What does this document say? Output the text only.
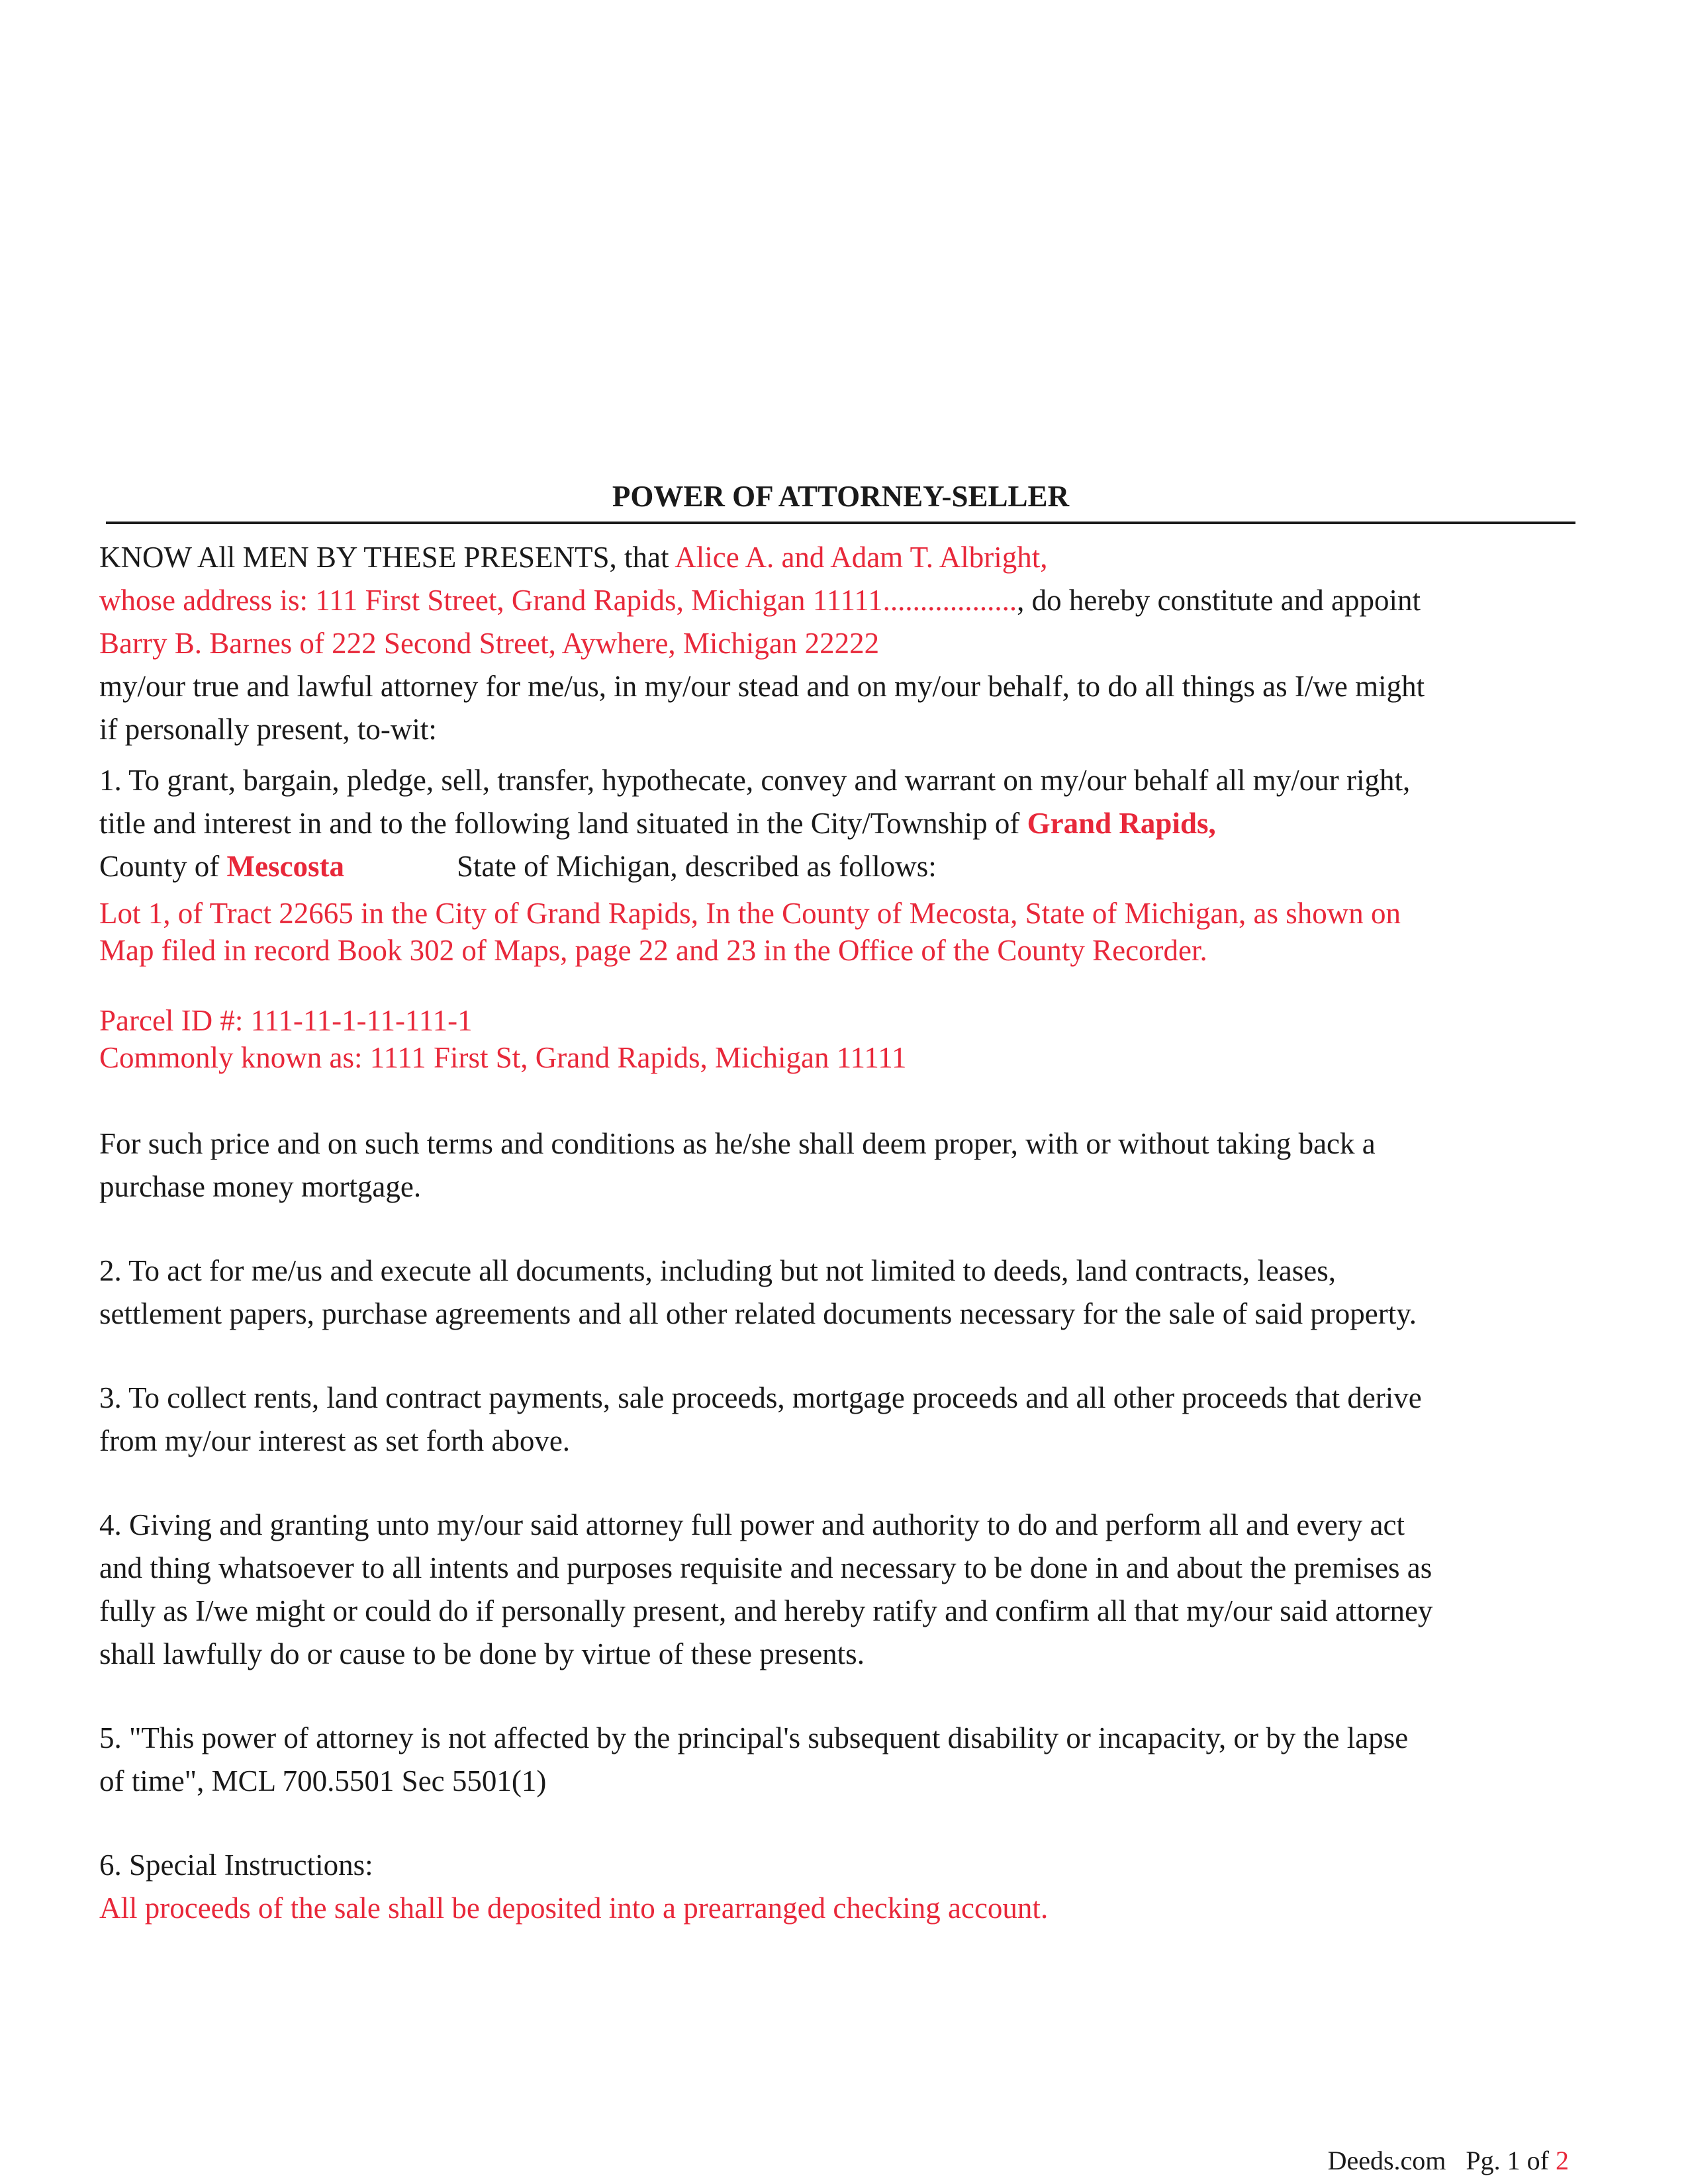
POWER OF ATTORNEY-SELLER
KNOW All MEN BY THESE PRESENTS, that Alice A. and Adam T. Albright,
whose address is: 111 First Street, Grand Rapids, Michigan 11111.................., do hereby constitute and appoint
Barry B. Barnes of 222 Second Street, Aywhere, Michigan 22222
my/our true and lawful attorney for me/us, in my/our stead and on my/our behalf, to do all things as I/we might
if personally present, to-wit:
1. To grant, bargain, pledge, sell, transfer, hypothecate, convey and warrant on my/our behalf all my/our right,
title and interest in and to the following land situated in the City/Township of Grand Rapids,
County of Mescosta	State of Michigan, described as follows:
Lot 1, of Tract 22665 in the City of Grand Rapids, In the County of Mecosta, State of Michigan, as shown on
Map filed in record Book 302 of Maps, page 22 and 23 in the Office of the County Recorder.
Parcel ID #: 111-11-1-11-111-1
Commonly known as: 1111 First St, Grand Rapids, Michigan 11111
For such price and on such terms and conditions as he/she shall deem proper, with or without taking back a
purchase money mortgage.
2. To act for me/us and execute all documents, including but not limited to deeds, land contracts, leases,
settlement papers, purchase agreements and all other related documents necessary for the sale of said property.
3. To collect rents, land contract payments, sale proceeds, mortgage proceeds and all other proceeds that derive
from my/our interest as set forth above.
4. Giving and granting unto my/our said attorney full power and authority to do and perform all and every act
and thing whatsoever to all intents and purposes requisite and necessary to be done in and about the premises as
fully as I/we might or could do if personally present, and hereby ratify and confirm all that my/our said attorney
shall lawfully do or cause to be done by virtue of these presents.
5. "This power of attorney is not affected by the principal's subsequent disability or incapacity, or by the lapse
of time", MCL 700.5501 Sec 5501(1)
6. Special Instructions:
All proceeds of the sale shall be deposited into a prearranged checking account.
Deeds.com Pg. 1 of 2
